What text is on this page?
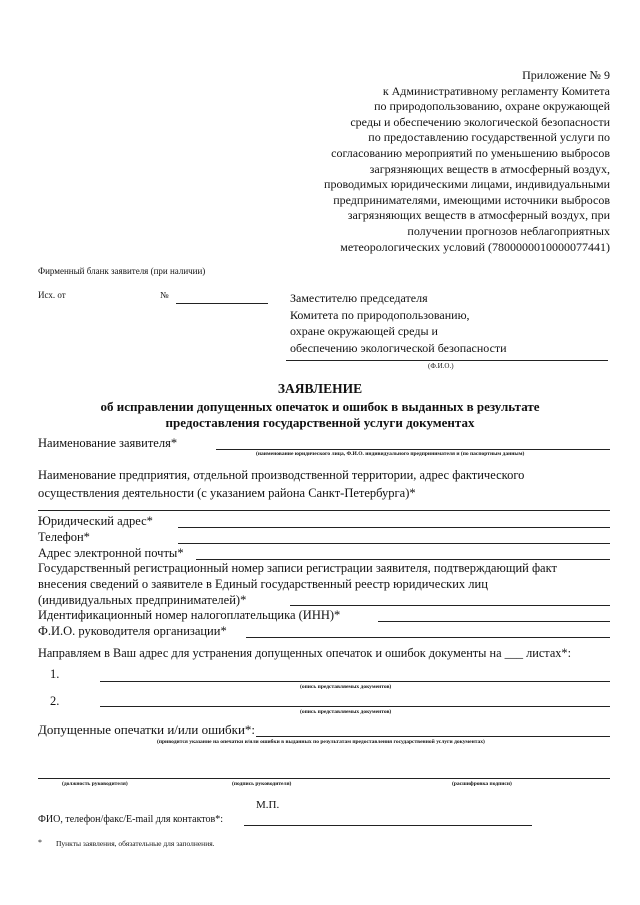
Приложение № 9
к Административному регламенту Комитета
по природопользованию, охране окружающей
среды и обеспечению экологической безопасности
по предоставлению государственной услуги по
согласованию мероприятий по уменьшению выбросов
загрязняющих веществ в атмосферный воздух,
проводимых юридическими лицами, индивидуальными
предпринимателями, имеющими источники выбросов
загрязняющих веществ в атмосферный воздух, при
получении прогнозов неблагоприятных
метеорологических условий (7800000010000077441)
Фирменный бланк заявителя (при наличии)
Исх. от	№	Заместителю председателя
Комитета по природопользованию,
охране окружающей среды и
обеспечению экологической безопасности
(Ф.И.О.)
ЗАЯВЛЕНИЕ
об исправлении допущенных опечаток и ошибок в выданных в результате
предоставления государственной услуги документах
Наименование заявителя*
(наименование юридического лица, Ф.И.О. индивидуального предпринимателя и (по паспортным данным)
Наименование предприятия, отдельной производственной территории, адрес фактического
осуществления деятельности (с указанием района Санкт-Петербурга)*
Юридический адрес*
Телефон*
Адрес электронной почты*
Государственный регистрационный номер записи регистрации заявителя, подтверждающий факт
внесения сведений о заявителе в Единый государственный реестр юридических лиц
(индивидуальных предпринимателей)*
Идентификационный номер налогоплательщика (ИНН)*
Ф.И.О. руководителя организации*
Направляем в Ваш адрес для устранения допущенных опечаток и ошибок документы на ___ листах*:
1.
(опись представляемых документов)
2.
(опись представляемых документов)
Допущенные опечатки и/или ошибки*:
(приводится указание на опечатки и/или ошибки в выданных по результатам предоставления государственной услуги документах)
(должность руководителя)	(подпись руководителя)	(расшифровка подписи)
М.П.
ФИО, телефон/факс/E-mail для контактов*:
* Пункты заявления, обязательные для заполнения.
